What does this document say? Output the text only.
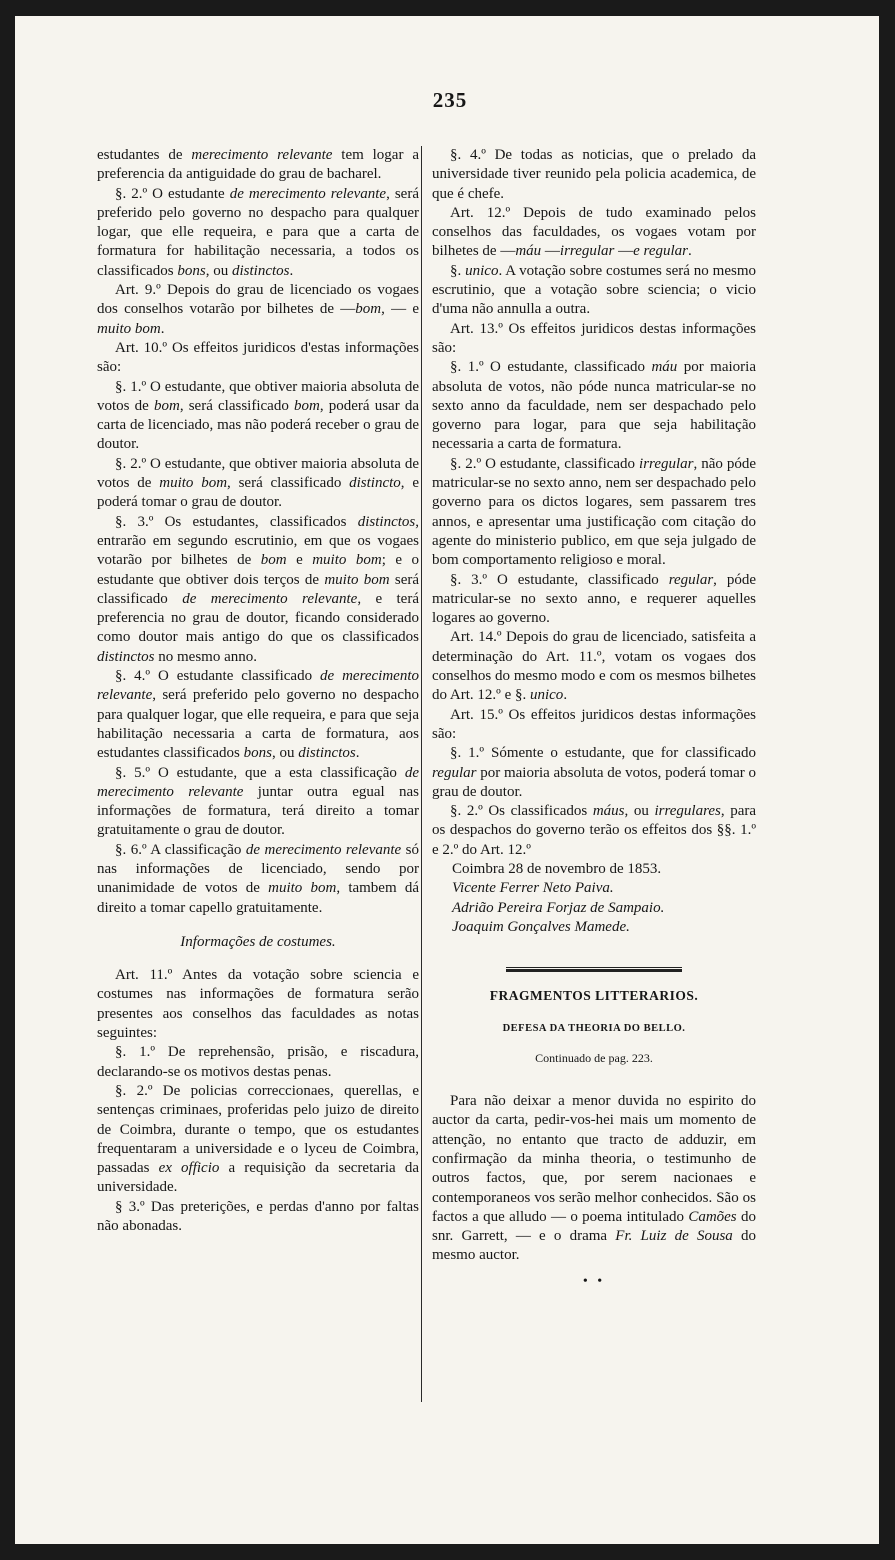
235

estudantes de merecimento relevante tem logar a preferencia da antiguidade do grau de bacharel.

§. 2.º O estudante de merecimento relevante, será preferido pelo governo no despacho para qualquer logar, que elle requeira, e para que a carta de formatura for habilitação necessaria, a todos os classificados bons, ou distinctos.

Art. 9.º Depois do grau de licenciado os vogaes dos conselhos votarão por bilhetes de —bom, — e muito bom.

Art. 10.º Os effeitos juridicos d'estas informações são:

§. 1.º O estudante, que obtiver maioria absoluta de votos de bom, será classificado bom, poderá usar da carta de licenciado, mas não poderá receber o grau de doutor.

§. 2.º O estudante, que obtiver maioria absoluta de votos de muito bom, será classificado distincto, e poderá tomar o grau de doutor.

§. 3.º Os estudantes, classificados distinctos, entrarão em segundo escrutinio, em que os vogaes votarão por bilhetes de bom e muito bom; e o estudante que obtiver dois terços de muito bom será classificado de merecimento relevante, e terá preferencia no grau de doutor, ficando considerado como doutor mais antigo do que os classificados distinctos no mesmo anno.

§. 4.º O estudante classificado de merecimento relevante, será preferido pelo governo no despacho para qualquer logar, que elle requeira, e para que seja habilitação necessaria a carta de formatura, aos estudantes classificados bons, ou distinctos.

§. 5.º O estudante, que a esta classificação de merecimento relevante juntar outra egual nas informações de formatura, terá direito a tomar gratuitamente o grau de doutor.

§. 6.º A classificação de merecimento relevante só nas informações de licenciado, sendo por unanimidade de votos de muito bom, tambem dá direito a tomar capello gratuitamente.

Informações de costumes.

Art. 11.º Antes da votação sobre sciencia e costumes nas informações de formatura serão presentes aos conselhos das faculdades as notas seguintes:

§. 1.º De reprehensão, prisão, e riscadura, declarando-se os motivos destas penas.

§. 2.º De policias correccionaes, querellas, e sentenças criminaes, proferidas pelo juizo de direito de Coimbra, durante o tempo, que os estudantes frequentaram a universidade e o lyceu de Coimbra, passadas ex officio a requisição da secretaria da universidade.

§ 3.º Das preterições, e perdas d'anno por faltas não abonadas.

§. 4.º De todas as noticias, que o prelado da universidade tiver reunido pela policia academica, de que é chefe.

Art. 12.º Depois de tudo examinado pelos conselhos das faculdades, os vogaes votam por bilhetes de —máu —irregular —e regular.

§. unico. A votação sobre costumes será no mesmo escrutinio, que a votação sobre sciencia; o vicio d'uma não annulla a outra.

Art. 13.º Os effeitos juridicos destas informações são:

§. 1.º O estudante, classificado máu por maioria absoluta de votos, não póde nunca matricular-se no sexto anno da faculdade, nem ser despachado pelo governo para logar, para que seja habilitação necessaria a carta de formatura.

§. 2.º O estudante, classificado irregular, não póde matricular-se no sexto anno, nem ser despachado pelo governo para os dictos logares, sem passarem tres annos, e apresentar uma justificação com citação do agente do ministerio publico, em que seja julgado de bom comportamento religioso e moral.

§. 3.º O estudante, classificado regular, póde matricular-se no sexto anno, e requerer aquelles logares ao governo.

Art. 14.º Depois do grau de licenciado, satisfeita a determinação do Art. 11.º, votam os vogaes dos conselhos do mesmo modo e com os mesmos bilhetes do Art. 12.º e §. unico.

Art. 15.º Os effeitos juridicos destas informações são:

§. 1.º Sómente o estudante, que for classificado regular por maioria absoluta de votos, poderá tomar o grau de doutor.

§. 2.º Os classificados máus, ou irregulares, para os despachos do governo terão os effeitos dos §§. 1.º e 2.º do Art. 12.º

Coimbra 28 de novembro de 1853.

Vicente Ferrer Neto Paiva.

Adrião Pereira Forjaz de Sampaio.

Joaquim Gonçalves Mamede.

FRAGMENTOS LITTERARIOS.
DEFESA DA THEORIA DO BELLO.
Continuado de pag. 223.

Para não deixar a menor duvida no espirito do auctor da carta, pedir-vos-hei mais um momento de attenção, no entanto que tracto de adduzir, em confirmação da minha theoria, o testimunho de outros factos, que, por serem nacionaes e contemporaneos vos serão melhor conhecidos. São os factos a que alludo — o poema intitulado Camões do snr. Garrett, — e o drama Fr. Luiz de Sousa do mesmo auctor.

• •
